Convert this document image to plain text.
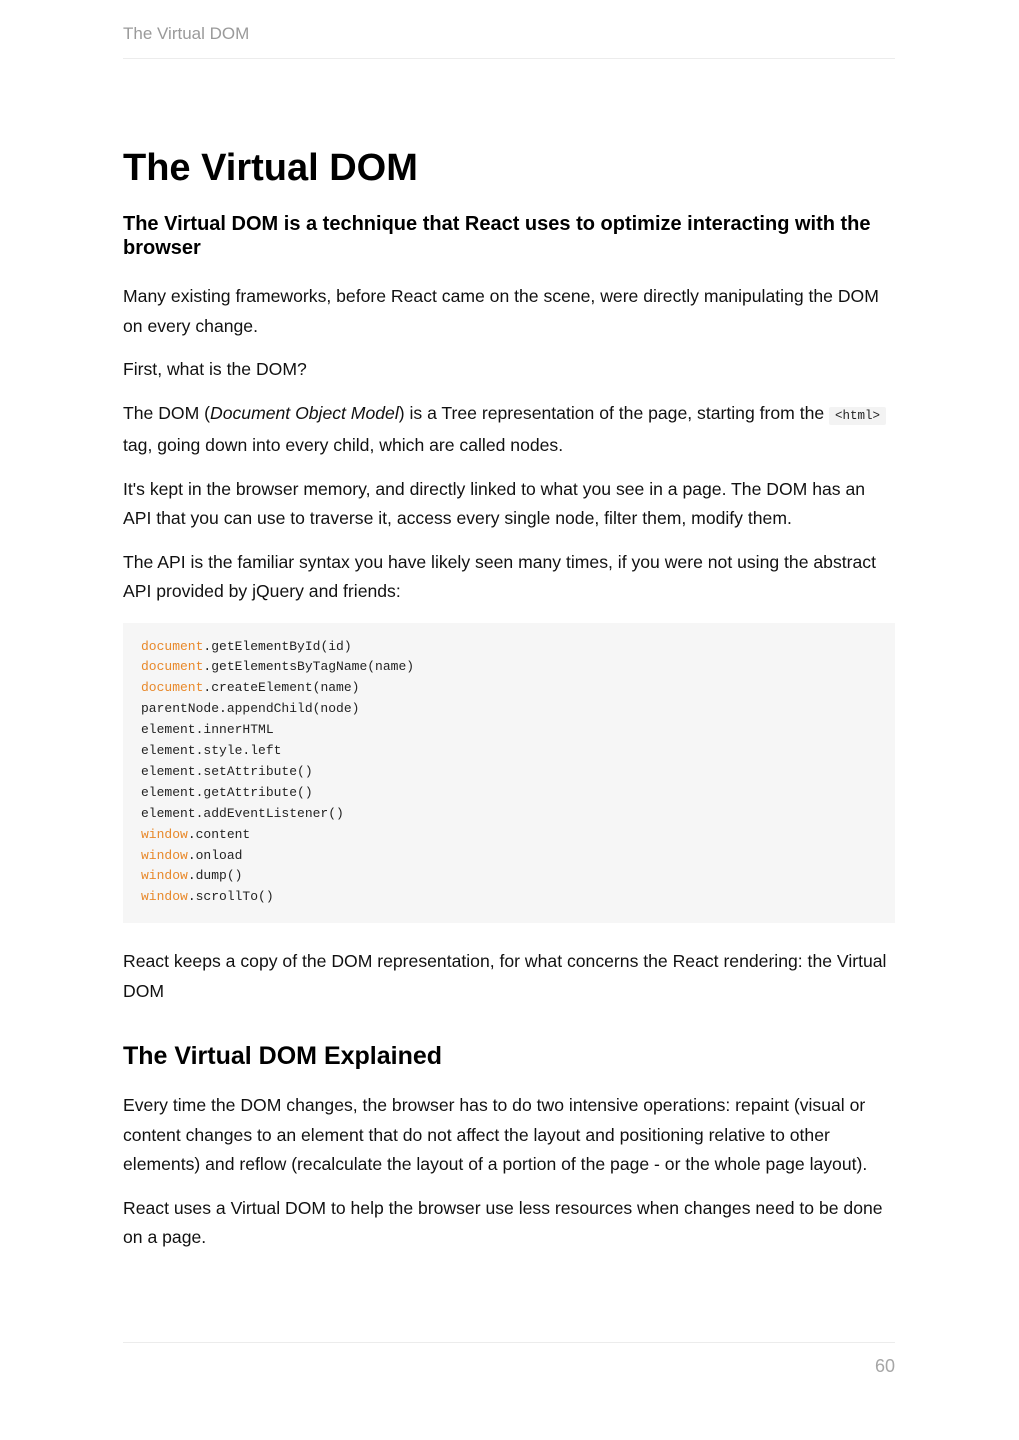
The Virtual DOM
The Virtual DOM
The Virtual DOM is a technique that React uses to optimize interacting with the browser

Many existing frameworks, before React came on the scene, were directly manipulating the DOM on every change.

First, what is the DOM?

The DOM (Document Object Model) is a Tree representation of the page, starting from the <html> tag, going down into every child, which are called nodes.

It's kept in the browser memory, and directly linked to what you see in a page. The DOM has an API that you can use to traverse it, access every single node, filter them, modify them.

The API is the familiar syntax you have likely seen many times, if you were not using the abstract API provided by jQuery and friends:

document.getElementById(id)
document.getElementsByTagName(name)
document.createElement(name)
parentNode.appendChild(node)
element.innerHTML
element.style.left
element.setAttribute()
element.getAttribute()
element.addEventListener()
window.content
window.onload
window.dump()
window.scrollTo()

React keeps a copy of the DOM representation, for what concerns the React rendering: the Virtual DOM

The Virtual DOM Explained

Every time the DOM changes, the browser has to do two intensive operations: repaint (visual or content changes to an element that do not affect the layout and positioning relative to other elements) and reflow (recalculate the layout of a portion of the page - or the whole page layout).

React uses a Virtual DOM to help the browser use less resources when changes need to be done on a page.

60
